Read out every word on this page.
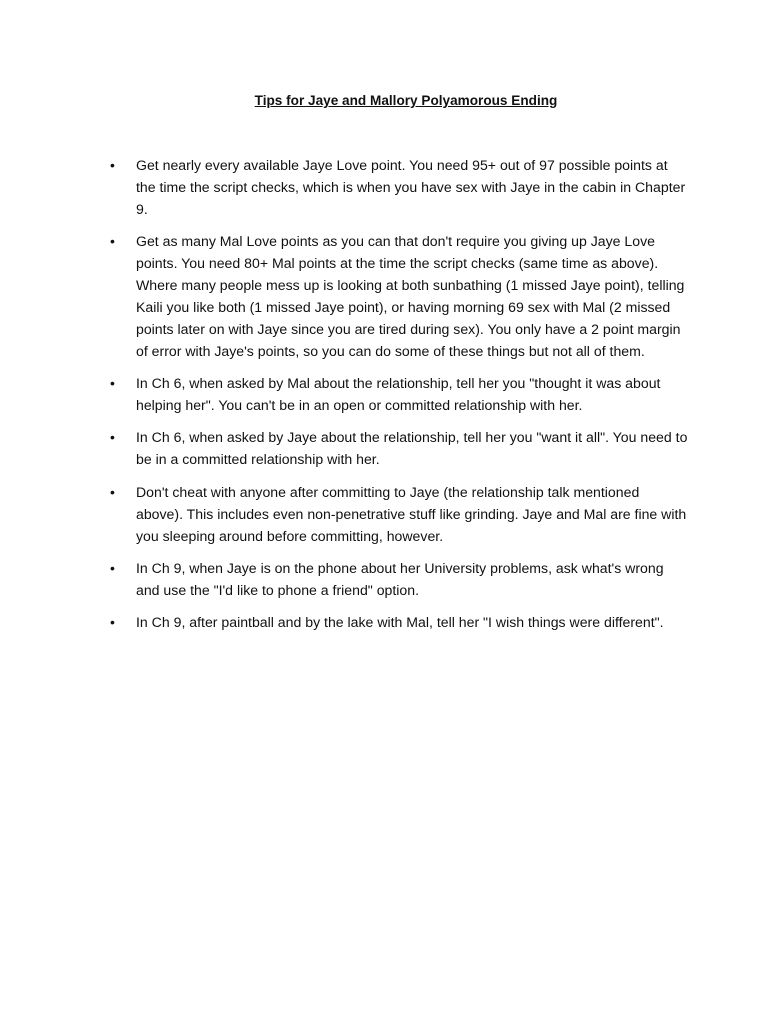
Tips for Jaye and Mallory Polyamorous Ending

•	Get nearly every available Jaye Love point. You need 95+ out of 97 possible points at the time the script checks, which is when you have sex with Jaye in the cabin in Chapter 9.
•	Get as many Mal Love points as you can that don't require you giving up Jaye Love points. You need 80+ Mal points at the time the script checks (same time as above). Where many people mess up is looking at both sunbathing (1 missed Jaye point), telling Kaili you like both (1 missed Jaye point), or having morning 69 sex with Mal (2 missed points later on with Jaye since you are tired during sex). You only have a 2 point margin of error with Jaye's points, so you can do some of these things but not all of them.
•	In Ch 6, when asked by Mal about the relationship, tell her you "thought it was about helping her". You can't be in an open or committed relationship with her.
•	In Ch 6, when asked by Jaye about the relationship, tell her you "want it all". You need to be in a committed relationship with her.
•	Don't cheat with anyone after committing to Jaye (the relationship talk mentioned above). This includes even non-penetrative stuff like grinding. Jaye and Mal are fine with you sleeping around before committing, however.
•	In Ch 9, when Jaye is on the phone about her University problems, ask what's wrong and use the "I'd like to phone a friend" option.
•	In Ch 9, after paintball and by the lake with Mal, tell her "I wish things were different".
